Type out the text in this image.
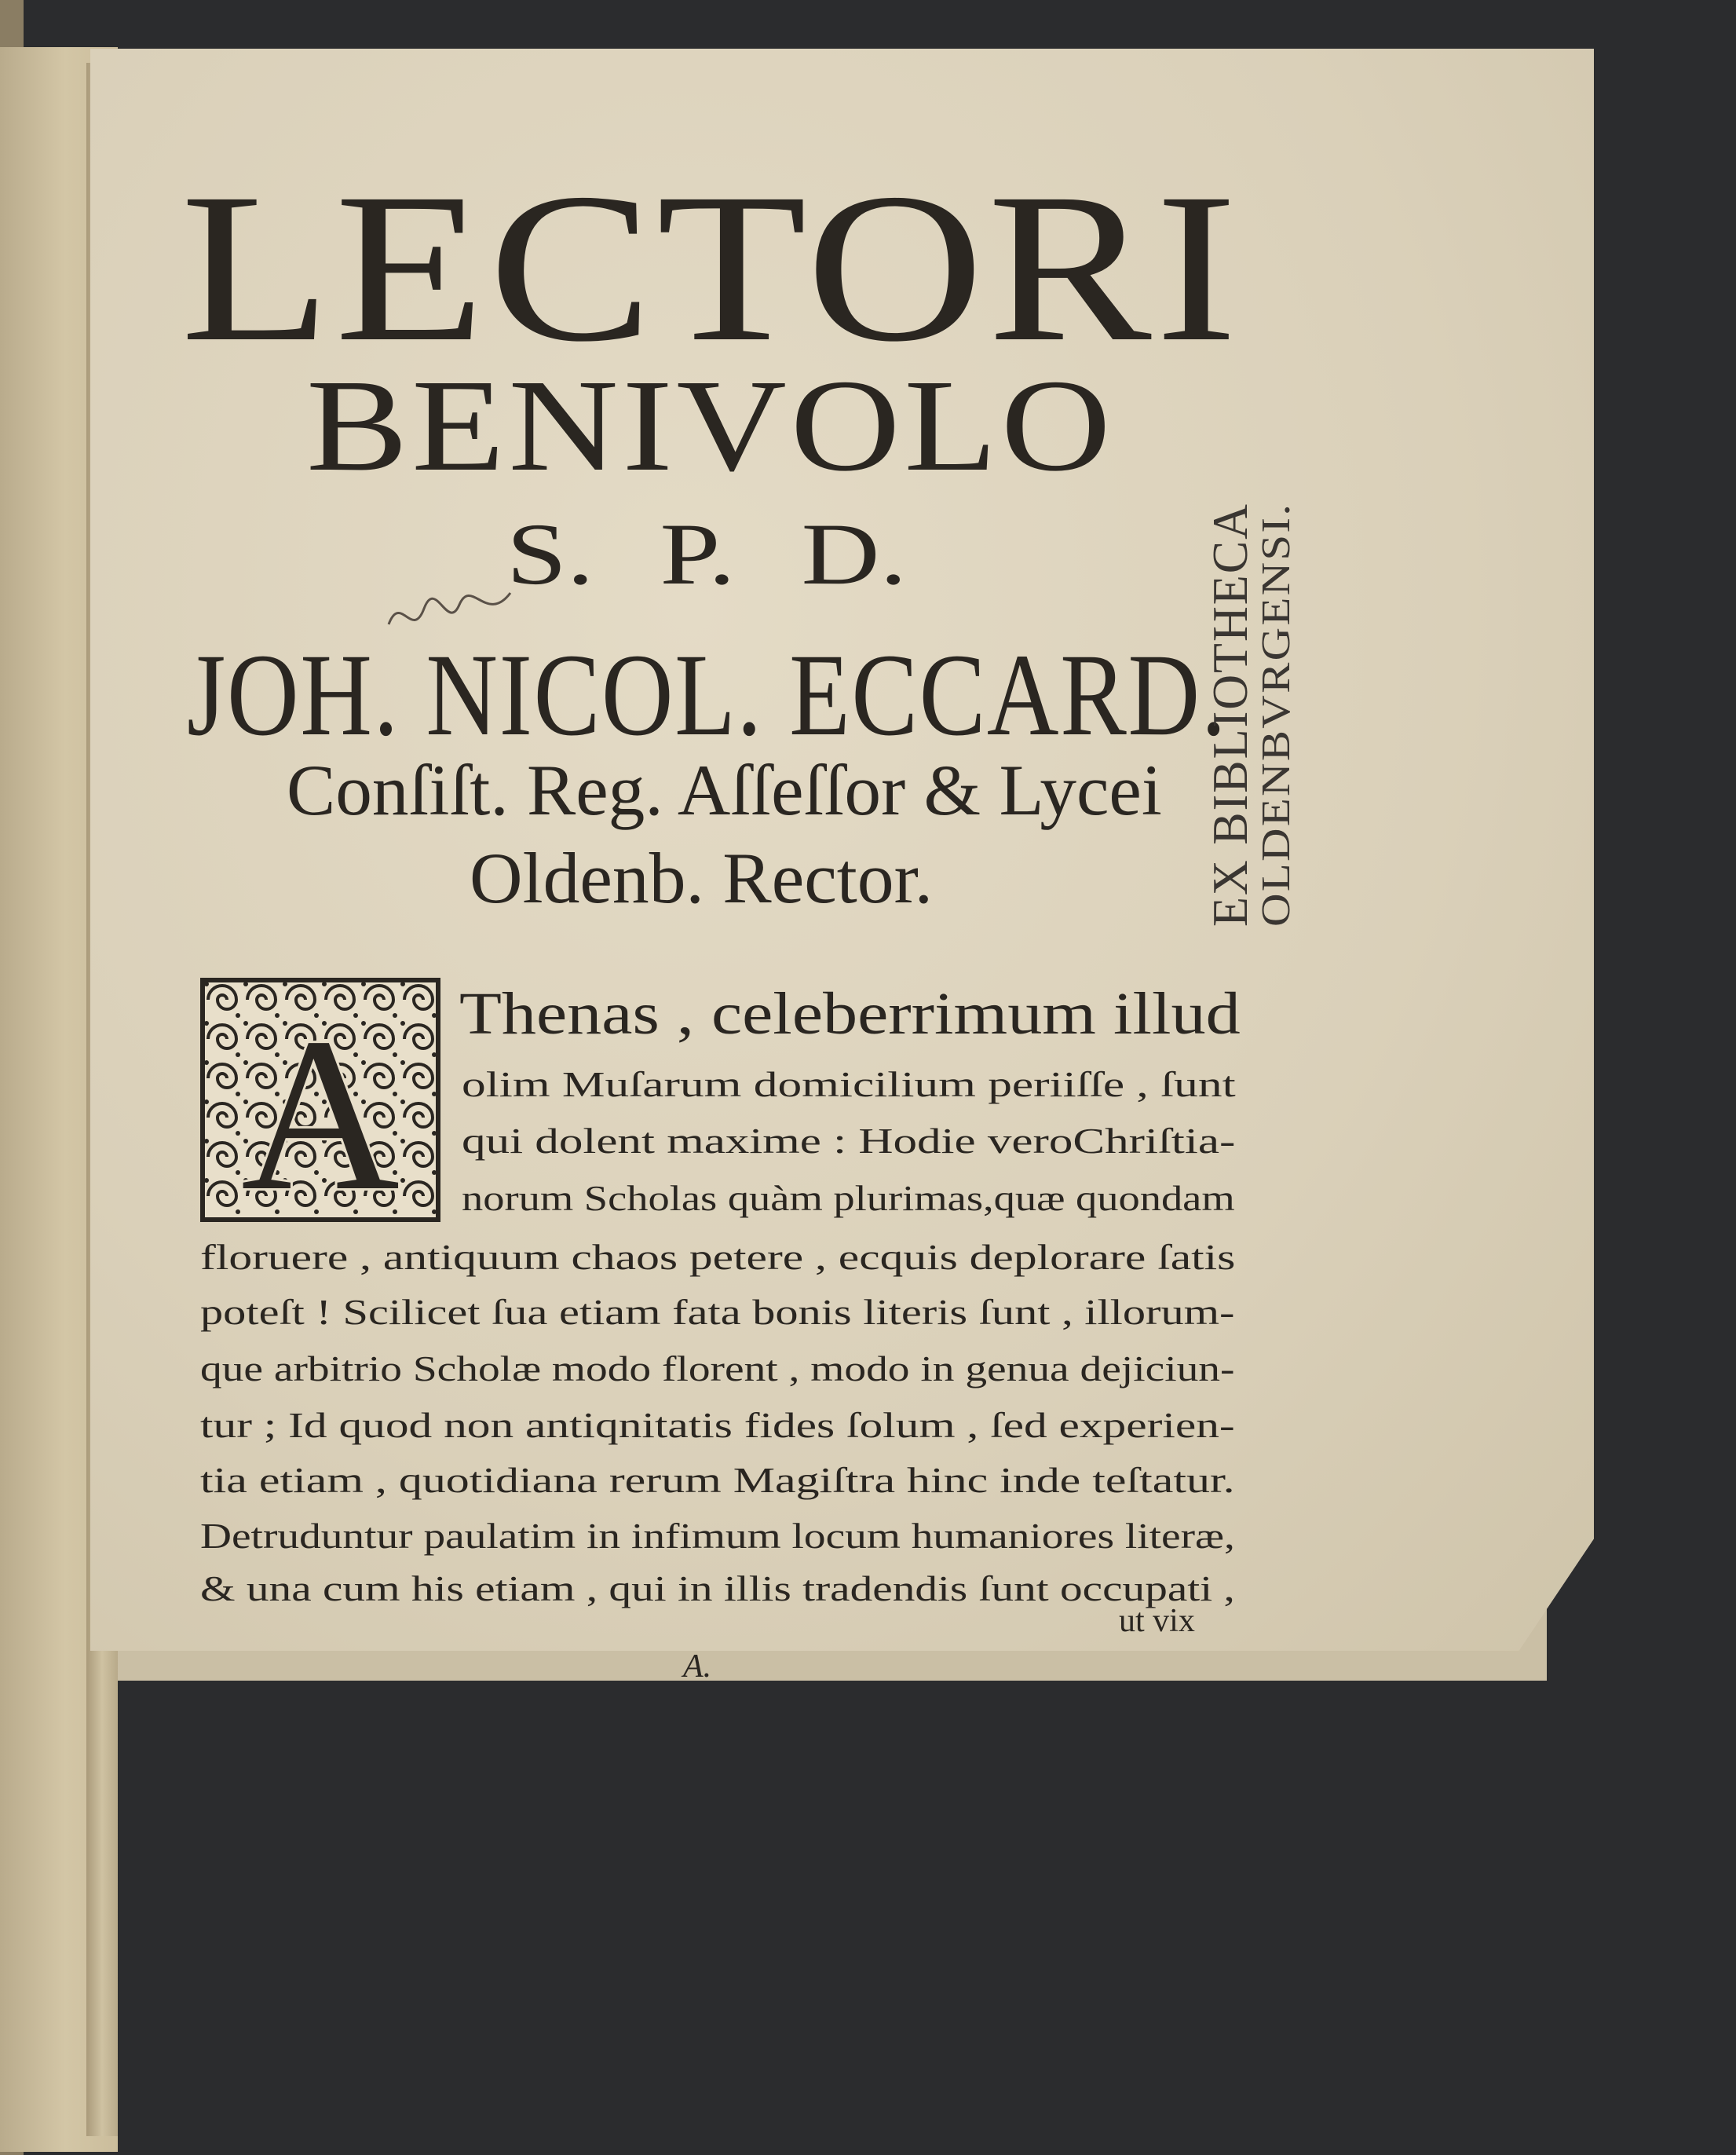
LECTORI
BENIVOLO
S. P. D.
JOH. NICOL. ECCARD.
Conſiſt. Reg. Aſſeſſor & Lycei
Oldenb. Rector.	EX BIBLIOTHECA
OLDENBVRGENSI.
A Thenas , celeberrimum illud
olim Muſarum domicilium periiſſe , ſunt
qui dolent maxime : Hodie veroChriſtia-
norum Scholas quàm plurimas,quæ quondam
floruere , antiquum chaos petere , ecquis deplorare ſatis
poteſt ! Scilicet ſua etiam fata bonis literis ſunt , illorum-
que arbitrio Scholæ modo florent , modo in genua dejiciun-
tur ; Id quod non antiqnitatis fides ſolum , ſed experien-
tia etiam , quotidiana rerum Magiſtra hinc inde teſtatur.
Detruduntur paulatim in infimum locum humaniores literæ,
& una cum his etiam , qui in illis tradendis ſunt occupati ,
ut vix
A.
